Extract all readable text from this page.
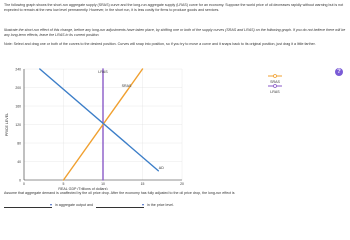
The following graph shows the short-run aggregate supply (SRAS) curve and the long-run aggregate supply (LRAS) curve for an economy. Suppose the world price of oil decreases rapidly without warning but is not expected to remain at the new low level permanently. However, in the short run, it is less costly for firms to produce goods and services.

Illustrate the short-run effect of this change, before any long-run adjustments have taken place, by shifting one or both of the supply curves (SRAS and LRAS) on the following graph. If you do not believe there will be any long-term effects, leave the LRAS in its current position.

Note: Select and drag one or both of the curves to the desired position. Curves will snap into position, so if you try to move a curve and it snaps back to its original position, just drag it a little farther.

?
0
40
80
120
160
200
240
0	5	10	15	20
REAL GDP (Trillions of dollars)
PRICE LEVEL
LRAS
SRAS
AD
SRAS
LRAS

Assume that aggregate demand is unaffected by the oil price drop. After the economy has fully adjusted to the oil price drop, the long-run effect is

▾ in aggregate output and	▾ in the price level.
